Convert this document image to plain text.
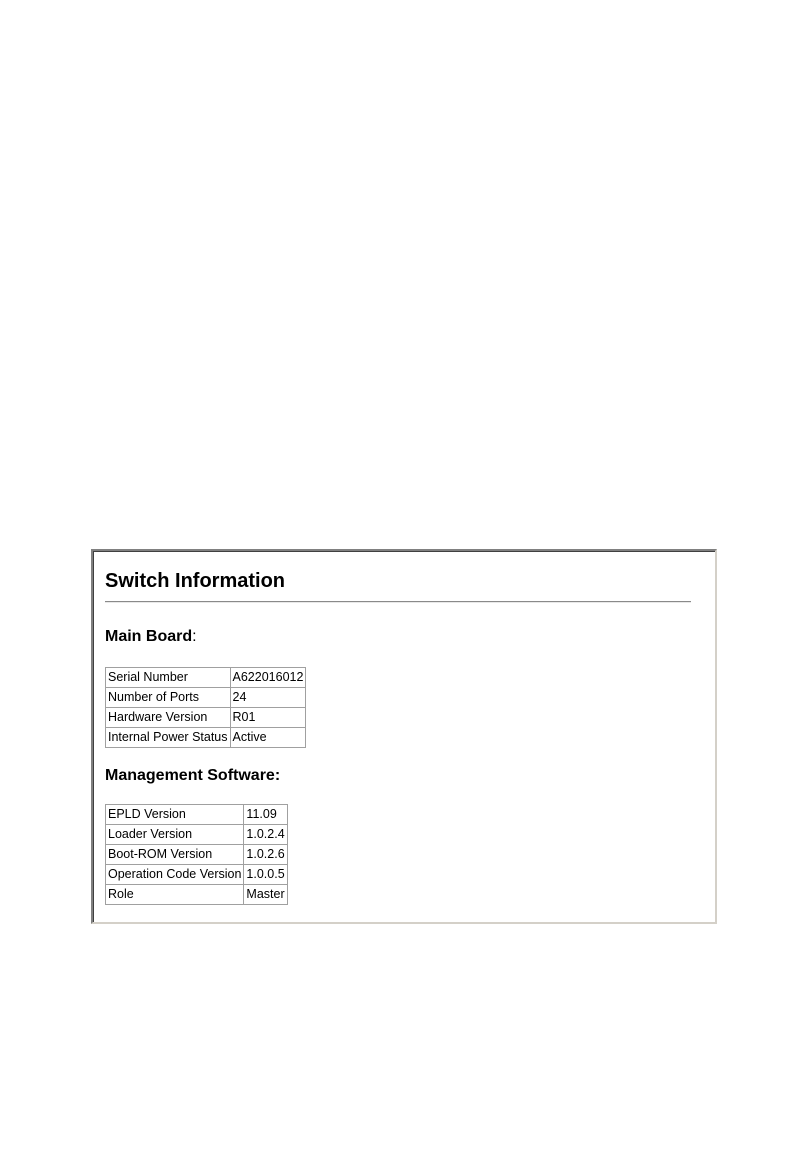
Switch Information
Main Board:
Serial Number	A622016012
Number of Ports	24
Hardware Version	R01
Internal Power Status	Active
Management Software:
EPLD Version	11.09
Loader Version	1.0.2.4
Boot-ROM Version	1.0.2.6
Operation Code Version	1.0.0.5
Role	Master
